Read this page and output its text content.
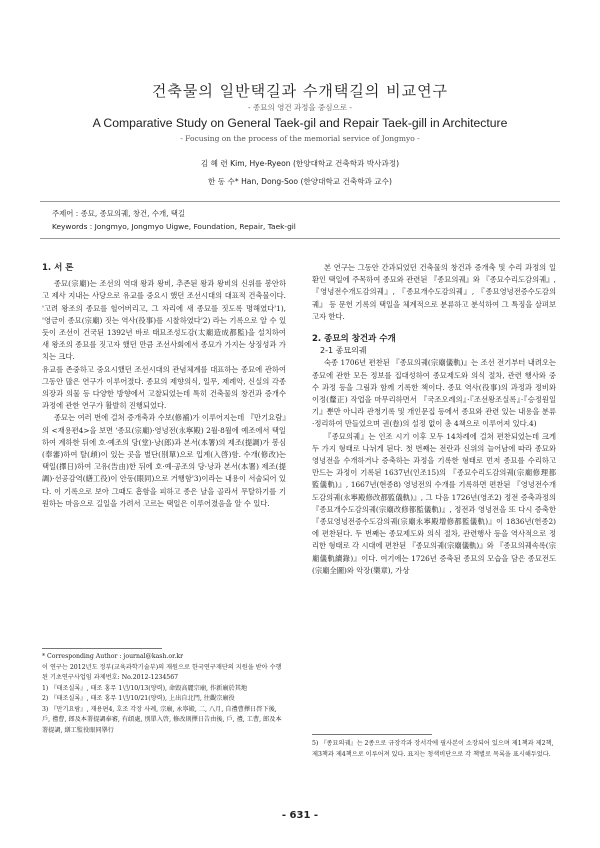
건축물의 일반택길과 수개택길의 비교연구
- 종묘의 영건 과정을 중심으로 -
A Comparative Study on General Taek-gil and Repair Taek-gill in Architecture
- Focusing on the process of the memorial service of Jongmyo -
김 혜 련 Kim, Hye-Ryeon (한양대학교 건축학과 박사과정)
한 동 수* Han, Dong-Soo (한양대학교 건축학과 교수)
주제어 : 종묘, 종묘의궤, 창건, 수개, 택길
Keywords : Jongmyo, Jongmyo Uigwe, Foundation, Repair, Taek-gil

1. 서 론

종묘(宗廟)는 조선의 역대 왕과 왕비, 추존된 왕과 왕비의 신위를 봉안하고 제사 지내는 사당으로 유교를 중요시 했던 조선시대의 대표적 건축물이다. '고려 왕조의 종묘를 헐어버리고, 그 자리에 새 종묘를 짓도록 명해였다'1), '영금이 종묘(宗廟) 짓는 역사(役事)를 시찰하였다'2) 라는 기록으로 알 수 있듯이 조선이 건국된 1392년 바로 태묘조성도감(太廟造成都監)을 설치하여 새 왕조의 종묘를 짓고자 했던 만큼 조선사회에서 종묘가 가지는 상징성과 가치는 크다.

유교를 존중하고 중요시했던 조선시대의 관념체계를 대표하는 종묘에 관하여 그동안 많은 연구가 이루어졌다. 종묘의 제향의식, 일무, 제례악, 신실의 각종 의장과 의물 등 다양한 방향에서 고찰되었는데 특히 건축물의 창건과 증개수 과정에 관한 연구가 활발히 진행되었다.

종묘는 여러 번에 걸쳐 증개축과 수보(修補)가 이루어지는데 『만기요람』의 <재용편4>을 보면 '종묘(宗廟)·영녕전(永寧殿) 2월·8월에 예조에서 택일하여 계하한 뒤에 호·예조의 당(堂)·낭(郎)과 본서(本署)의 제조(提調)가 봉심(奉審)하여 탈(頉)이 있는 곳을 별단(別單)으로 입계(入啓)함. 수개(修改)는 택일(擇日)하여 고유(告由)한 뒤에 호·예·공조의 당·낭과 본서(本署) 제조(提調)·선공감역(繕工役)이 안동(眼同)으로 거행함'3)이라는 내용이 서술되어 있다. 이 기록으로 보아 그때도 흠함을 피하고 종은 날을 골라서 무탈하기를 기원하는 마음으로 길일을 가려서 고르는 택일은 이루어졌음을 알 수 있다.

* Corresponding Author : journal@kash.or.kr

이 연구는 2012년도 정부(교육과학기술부)의 재원으로 한국연구재단의 지원을 받아 수행된 기초연구사업임 과제번호: No.2012-1234567

1) 『태조실록』, 태조 홍무 1년/10/13(양력), 命毁高麗宗廟, 作新廟於其地

2) 『태조실록』, 태조 홍무 1년/10/21(양력), 上出自北門, 往觀宗廟役

3) 『만기요람』, 재용편4, 호조 각장 사례, 宗廟, 永寧殿, 二, 八月, 自禮曹擇日啓下後, 戶, 禮曹, 郎及本署提調奉審, 有頉處, 別單入啓, 修改則擇日告由後, 戶, 禮, 工曹, 郎及本署提調, 繕工監役眼同擧行

본 연구는 그동안 간과되었던 건축물의 창건과 증개축 및 수리 과정의 일환인 택일에 주목하여 종묘와 관련된 『종묘의궤』와 『종묘수리도감의궤』, 『영녕전수개도감의궤』, 『종묘개수도감의궤』, 『종묘영녕전증수도감의궤』 등 문헌 기록의 택일을 체계적으로 분류하고 분석하여 그 특징을 살펴보고자 한다.

2. 종묘의 창건과 수개

2-1 종묘의궤

숙종 1706년 편찬된 『종묘의궤(宗廟儀軌)』는 조선 전기부터 내려오는 종묘에 관한 모든 정보를 집대성하여 종묘제도와 의식 절차, 관련 행사와 중수 과정 등을 그림과 함께 기록한 책이다. 종묘 역사(役事)의 과정과 정비와 이정(釐正) 작업을 마무리하면서 『국조오례의』·『조선왕조실록』·『승정원일기』뿐만 아니라 관청기록 및 개인문집 등에서 종묘와 관련 있는 내용을 분류·정리하여 만들었으며 권(卷)의 설정 없이 총 4책으로 이루어져 있다.4)

『종묘의궤』는 인조 시기 이후 모두 14차례에 걸쳐 편찬되었는데 크게 두 가지 형태로 나뉘게 된다. 첫 번째는 전란과 신위의 늘어남에 따라 종묘와 영녕전을 수개하거나 증축하는 과정을 기록한 형태로 먼저 종묘를 수리하고 만드는 과정이 기록된 1637년(인조15)의 『종묘수리도감의궤(宗廟修理都監儀軌)』, 1667년(현종8) 영녕전의 수개를 기록하면 편찬된 『영녕전수개도감의궤(永寧殿修改都監儀軌)』, 그 다음 1726년(영조2) 정전 증축과정의 『종묘개수도감의궤(宗廟改修都監儀軌)』, 정전과 영녕전을 또 다시 증축한 『종묘영녕전증수도감의궤(宗廟永寧殿增修都監儀軌)』이 1836년(헌종2)에 편찬된다. 두 번째는 종묘제도와 의식 절차, 관련행사 등을 역사적으로 정리한 형태로 각 시대에 편찬된 『종묘의궤(宗廟儀軌)』와 『종묘의궤속록(宗廟儀軌續錄)』이다. 여기에는 1726년 증축된 종묘의 모습을 담은 종묘전도(宗廟全圖)와 악장(樂章), 가상

5) 『종묘의궤』는 2종으로 규장각과 장서각에 필사본이 소장되어 있으며 제1책과 제2책, 제3책과 제4책으로 이루어져 있다. 표지는 청색비단으로 각 책별로 목록을 표시해두었다.

- 631 -
